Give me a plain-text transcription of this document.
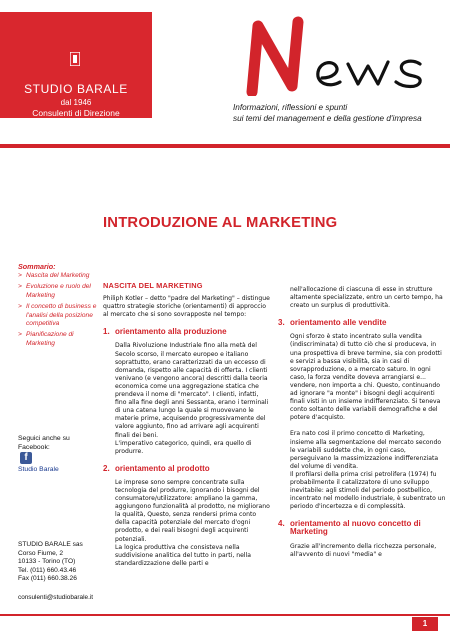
STUDIO BARALE
dal 1946
Consulenti di Direzione
Informazioni, riflessioni e spunti
sui temi del management e della gestione d'impresa
Sommario:
> Nascita del Marketing
> Evoluzione e ruolo del Marketing
> Il concetto di business e l'analisi della posizione competitiva
> Pianificazione di Marketing
Seguici anche su Facebook:
f
Studio Barale
STUDIO BARALE sas
Corso Fiume, 2
10133 - Torino (TO)
Tel. (011) 660.43.46
Fax (011) 660.38.26
consulenti@studiobarale.it
INTRODUZIONE AL MARKETING
NASCITA DEL MARKETING

Philiph Kotler – detto "padre del Marketing" – distingue quattro strategie storiche (orientamenti) di approccio al mercato che si sono sovrapposte nel tempo:

1. orientamento alla produzione

Dalla Rivoluzione Industriale fino alla metà del Secolo scorso, il mercato europeo e italiano soprattutto, erano caratterizzati da un eccesso di domanda, rispetto alle capacità di offerta. I clienti venivano (e vengono ancora) descritti dalla teoria economica come una aggregazione statica che prendeva il nome di "mercato". I clienti, infatti, fino alla fine degli anni Sessanta, erano i terminali di una catena lungo la quale si muovevano le materie prime, acquisendo progressivamente del valore aggiunto, fino ad arrivare agli acquirenti finali dei beni.

L'imperativo categorico, quindi, era quello di produrre.

2. orientamento al prodotto

Le imprese sono sempre concentrate sulla tecnologia del produrre, ignorando i bisogni del consumatore/utilizzatore: ampliano la gamma, aggiungono funzionalità al prodotto, ne migliorano la qualità, Questo, senza rendersi prima conto della capacità potenziale del mercato d'ogni prodotto, e dei reali bisogni degli acquirenti potenziali.

La logica produttiva che consisteva nella suddivisione analitica del tutto in parti, nella standardizzazione delle parti e

nell'allocazione di ciascuna di esse in strutture altamente specializzate, entro un certo tempo, ha creato un surplus di produttività.

3. orientamento alle vendite

Ogni sforzo è stato incentrato sulla vendita (indiscriminata) di tutto ciò che si produceva, in una prospettiva di breve termine, sia con prodotti e servizi a bassa visibilità, sia in casi di sovrapproduzione, o a mercato saturo. In ogni caso, la forza vendite doveva arrangiarsi e... vendere, non importa a chi. Questo, continuando ad ignorare "a monte" i bisogni degli acquirenti finali visti in un insieme indifferenziato. Si teneva conto soltanto delle variabili demografiche e del potere d'acquisto.

Era nato così il primo concetto di Marketing, insieme alla segmentazione del mercato secondo le variabili suddette che, in ogni caso, perseguivano la massimizzazione indifferenziata del volume di vendita.

Il profilarsi della prima crisi petrolifera (1974) fu probabilmente il catalizzatore di uno sviluppo inevitabile: agli stimoli del periodo postbellico, incentrato nel modello industriale, è subentrato un periodo d'incertezza e di complessità.

4. orientamento al nuovo concetto di Marketing

Grazie all'incremento della ricchezza personale, all'avvento di nuovi "media" e

1
